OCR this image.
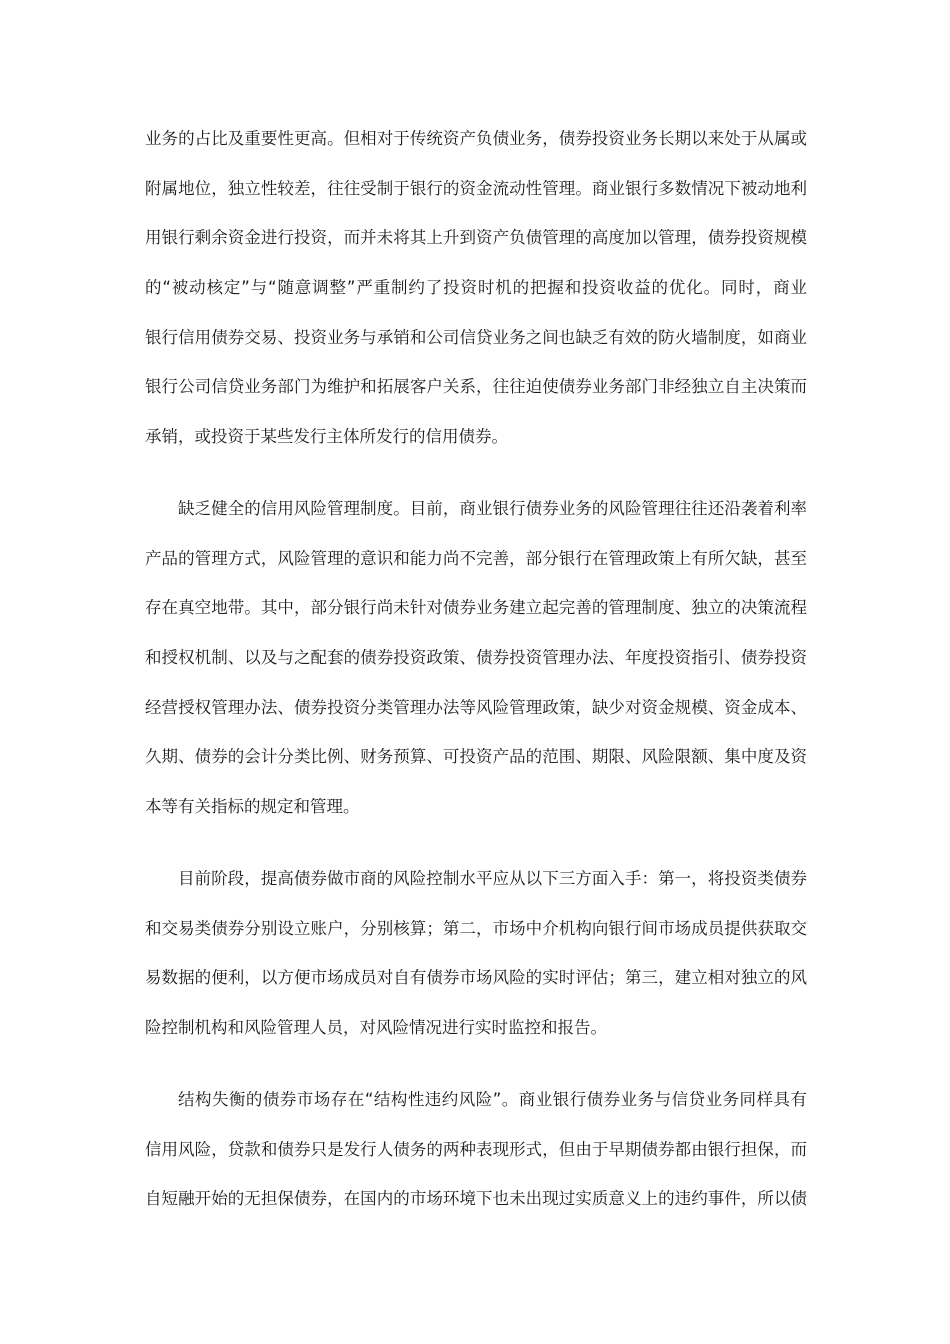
业务的占比及重要性更高。但相对于传统资产负债业务，债券投资业务长期以来处于从属或

附属地位，独立性较差，往往受制于银行的资金流动性管理。商业银行多数情况下被动地利

用银行剩余资金进行投资，而并未将其上升到资产负债管理的高度加以管理，债券投资规模

的“被动核定”与“随意调整”严重制约了投资时机的把握和投资收益的优化。同时，商业

银行信用债券交易、投资业务与承销和公司信贷业务之间也缺乏有效的防火墙制度，如商业

银行公司信贷业务部门为维护和拓展客户关系，往往迫使债券业务部门非经独立自主决策而

承销，或投资于某些发行主体所发行的信用债券。

缺乏健全的信用风险管理制度。目前，商业银行债券业务的风险管理往往还沿袭着利率

产品的管理方式，风险管理的意识和能力尚不完善，部分银行在管理政策上有所欠缺，甚至

存在真空地带。其中，部分银行尚未针对债券业务建立起完善的管理制度、独立的决策流程

和授权机制、以及与之配套的债券投资政策、债券投资管理办法、年度投资指引、债券投资

经营授权管理办法、债券投资分类管理办法等风险管理政策，缺少对资金规模、资金成本、

久期、债券的会计分类比例、财务预算、可投资产品的范围、期限、风险限额、集中度及资

本等有关指标的规定和管理。

目前阶段，提高债券做市商的风险控制水平应从以下三方面入手：第一，将投资类债券

和交易类债券分别设立账户，分别核算；第二，市场中介机构向银行间市场成员提供获取交

易数据的便利，以方便市场成员对自有债券市场风险的实时评估；第三，建立相对独立的风

险控制机构和风险管理人员，对风险情况进行实时监控和报告。

结构失衡的债券市场存在“结构性违约风险”。商业银行债券业务与信贷业务同样具有

信用风险，贷款和债券只是发行人债务的两种表现形式，但由于早期债券都由银行担保，而

自短融开始的无担保债券，在国内的市场环境下也未出现过实质意义上的违约事件，所以债
